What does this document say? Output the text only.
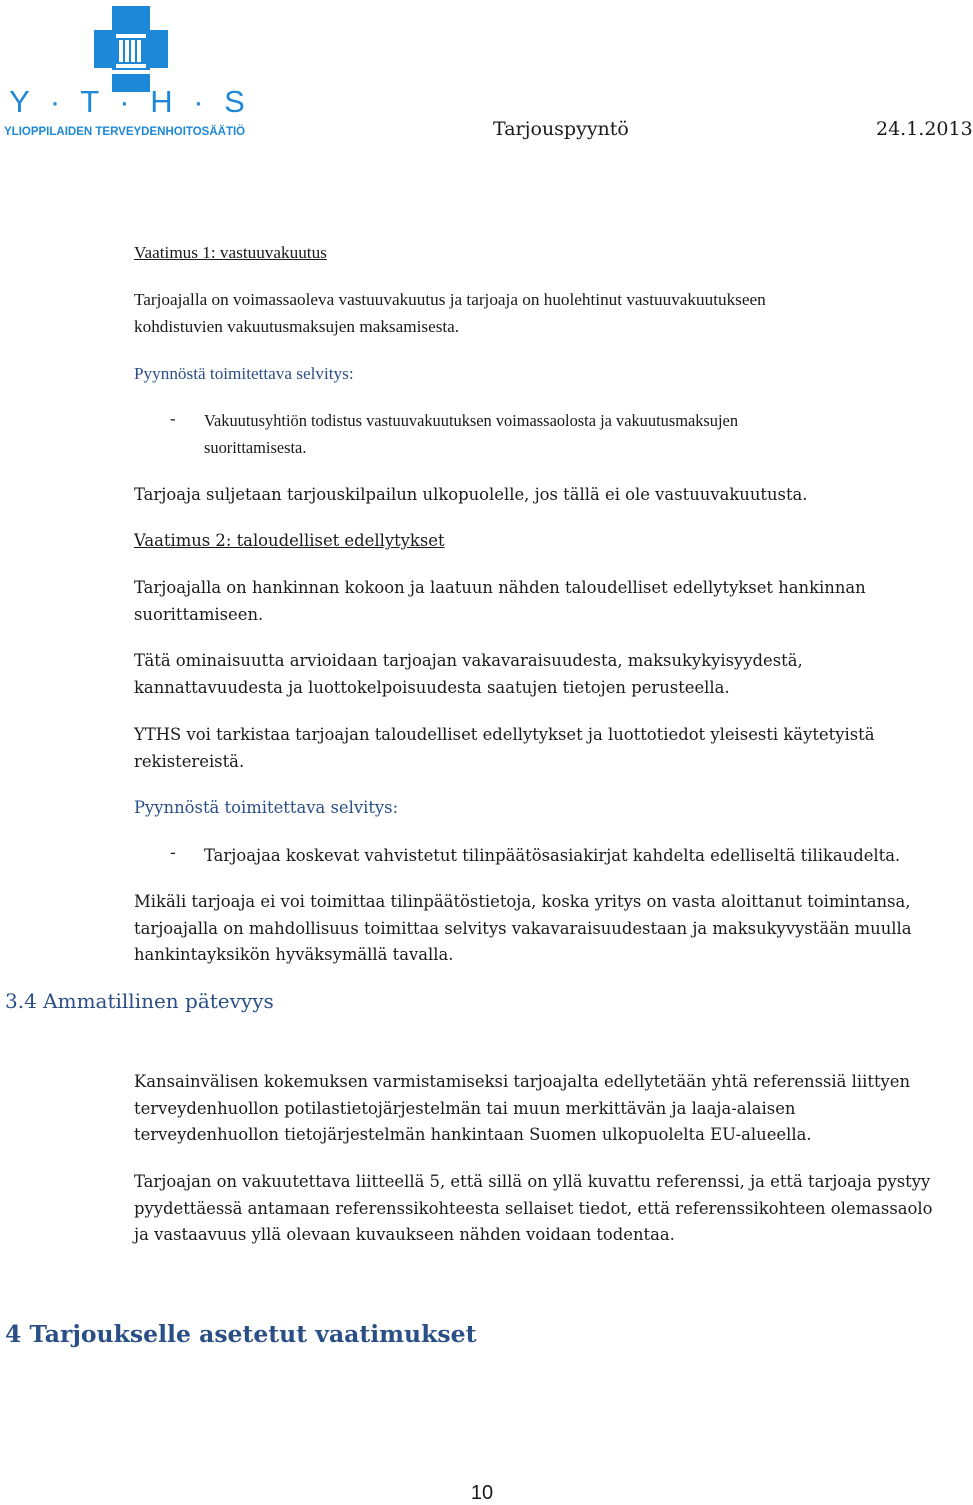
Y · T · H · S
YLIOPPILAIDEN TERVEYDENHOITOSÄÄTIÖ	Tarjouspyyntö	24.1.2013
Vaatimus 1: vastuuvakuutus
Tarjoajalla on voimassaoleva vastuuvakuutus ja tarjoaja on huolehtinut vastuuvakuutukseen
kohdistuvien vakuutusmaksujen maksamisesta.
Pyynnöstä toimitettava selvitys:
- Vakuutusyhtiön todistus vastuuvakuutuksen voimassaolosta ja vakuutusmaksujen
suorittamisesta.
Tarjoaja suljetaan tarjouskilpailun ulkopuolelle, jos tällä ei ole vastuuvakuutusta.
Vaatimus 2: taloudelliset edellytykset
Tarjoajalla on hankinnan kokoon ja laatuun nähden taloudelliset edellytykset hankinnan
suorittamiseen.
Tätä ominaisuutta arvioidaan tarjoajan vakavaraisuudesta, maksukykyisyydestä,
kannattavuudesta ja luottokelpoisuudesta saatujen tietojen perusteella.
YTHS voi tarkistaa tarjoajan taloudelliset edellytykset ja luottotiedot yleisesti käytetyistä
rekistereistä.
Pyynnöstä toimitettava selvitys:
- Tarjoajaa koskevat vahvistetut tilinpäätösasiakirjat kahdelta edelliseltä tilikaudelta.
Mikäli tarjoaja ei voi toimittaa tilinpäätöstietoja, koska yritys on vasta aloittanut toimintansa,
tarjoajalla on mahdollisuus toimittaa selvitys vakavaraisuudestaan ja maksukyvystään muulla
hankintayksikön hyväksymällä tavalla.
3.4 Ammatillinen pätevyys
Kansainvälisen kokemuksen varmistamiseksi tarjoajalta edellytetään yhtä referenssiä liittyen
terveydenhuollon potilastietojärjestelmän tai muun merkittävän ja laaja-alaisen
terveydenhuollon tietojärjestelmän hankintaan Suomen ulkopuolelta EU-alueella.
Tarjoajan on vakuutettava liitteellä 5, että sillä on yllä kuvattu referenssi, ja että tarjoaja pystyy
pyydettäessä antamaan referenssikohteesta sellaiset tiedot, että referenssikohteen olemassaolo
ja vastaavuus yllä olevaan kuvaukseen nähden voidaan todentaa.
4 Tarjoukselle asetetut vaatimukset
10
